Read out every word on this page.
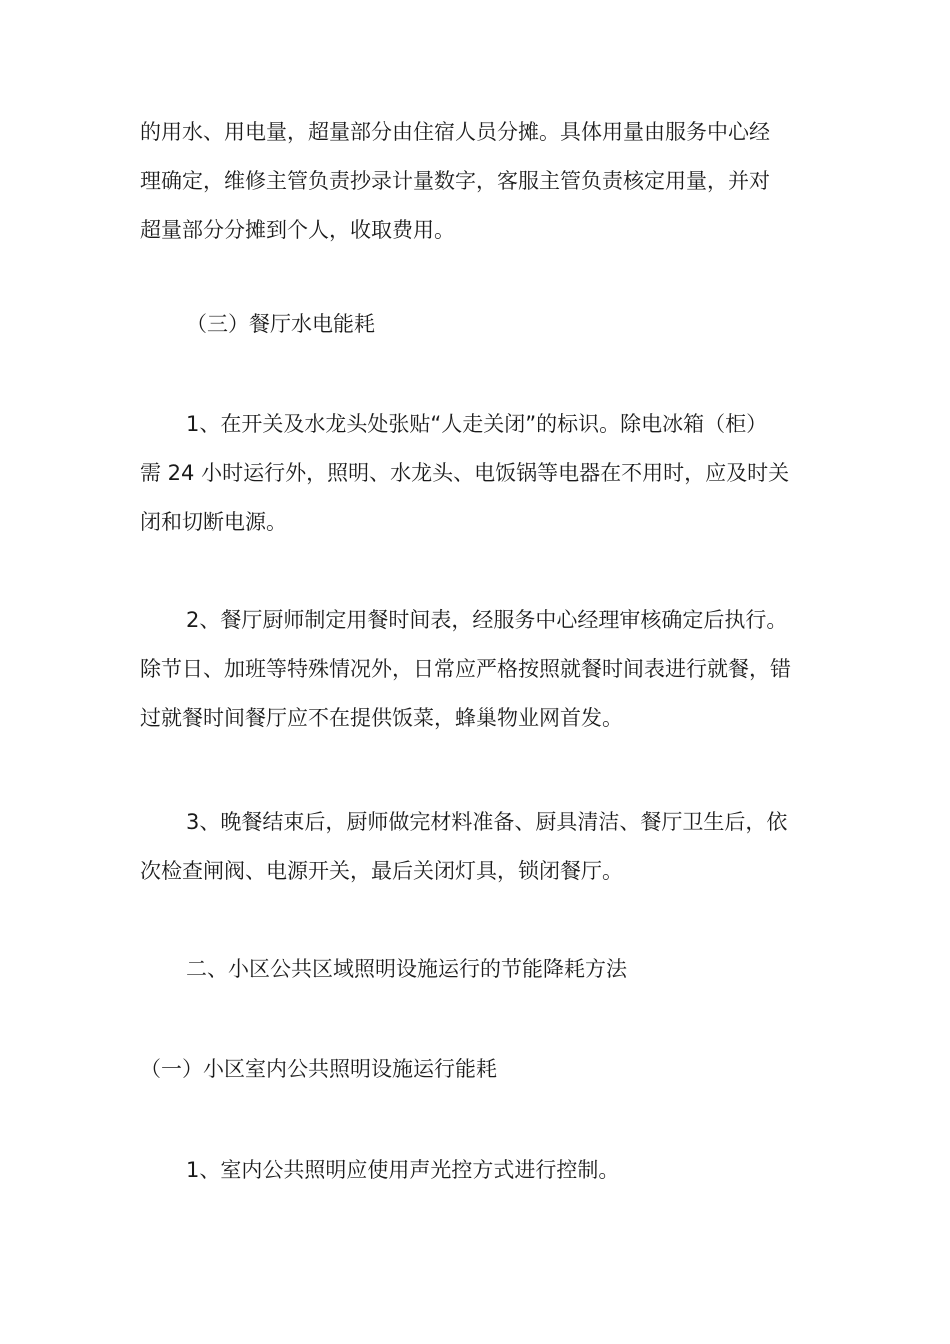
的用水、用电量，超量部分由住宿人员分摊。具体用量由服务中心经
理确定，维修主管负责抄录计量数字，客服主管负责核定用量，并对
超量部分分摊到个人，收取费用。
（三）餐厅水电能耗
1、在开关及水龙头处张贴“人走关闭”的标识。除电冰箱（柜）
需 24 小时运行外，照明、水龙头、电饭锅等电器在不用时，应及时关
闭和切断电源。
2、餐厅厨师制定用餐时间表，经服务中心经理审核确定后执行。
除节日、加班等特殊情况外，日常应严格按照就餐时间表进行就餐，错
过就餐时间餐厅应不在提供饭菜，蜂巢物业网首发。
3、晚餐结束后，厨师做完材料准备、厨具清洁、餐厅卫生后，依
次检查闸阀、电源开关，最后关闭灯具，锁闭餐厅。
二、小区公共区域照明设施运行的节能降耗方法
（一）小区室内公共照明设施运行能耗
1、室内公共照明应使用声光控方式进行控制。
